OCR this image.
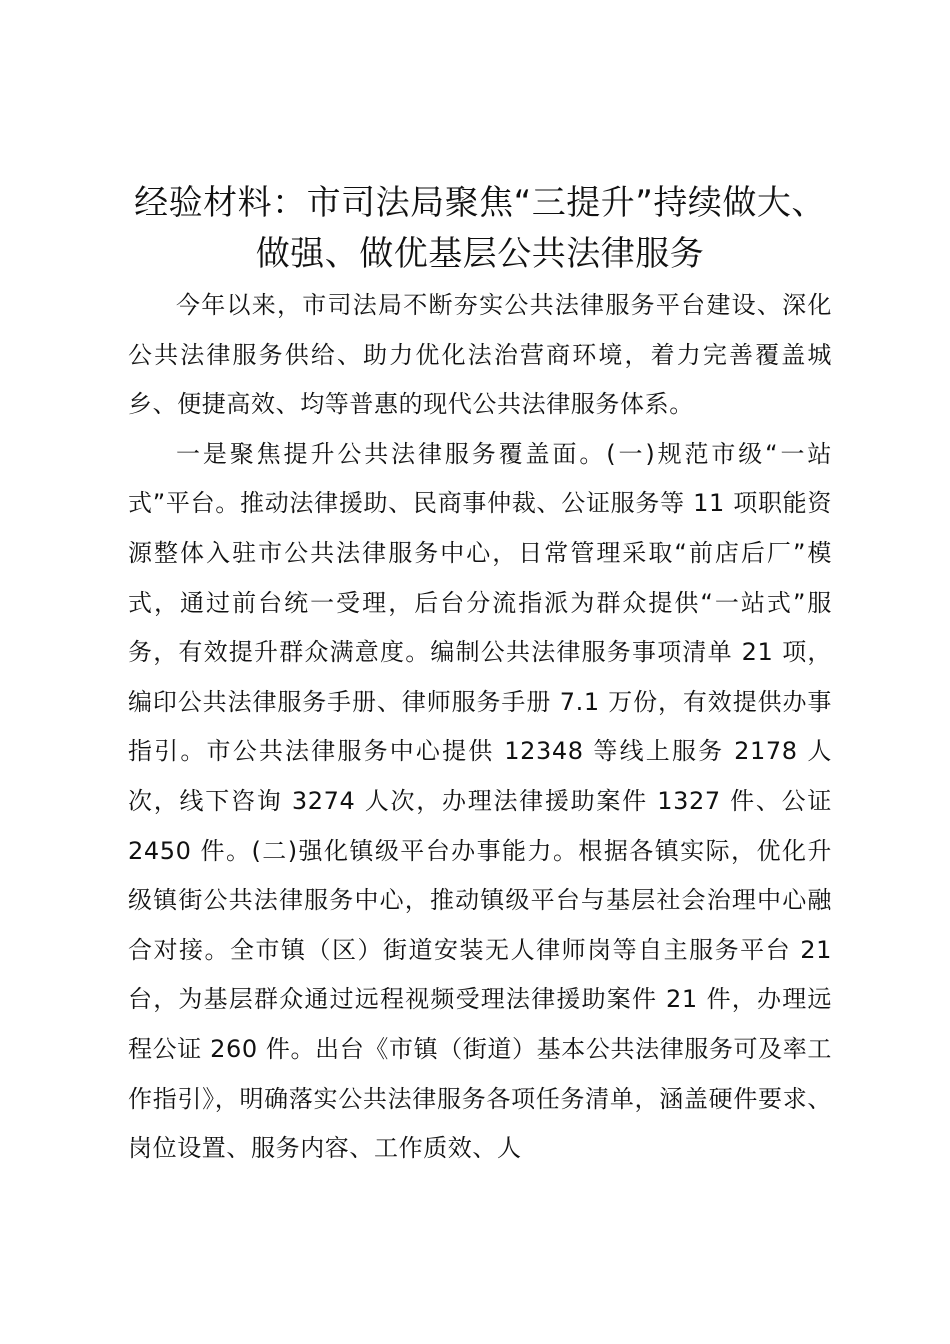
经验材料：市司法局聚焦“三提升”持续做大、
做强、做优基层公共法律服务

今年以来，市司法局不断夯实公共法律服务平台建设、深化公共法律服务供给、助力优化法治营商环境，着力完善覆盖城乡、便捷高效、均等普惠的现代公共法律服务体系。

一是聚焦提升公共法律服务覆盖面。(一)规范市级“一站式”平台。推动法律援助、民商事仲裁、公证服务等 11 项职能资源整体入驻市公共法律服务中心，日常管理采取“前店后厂”模式，通过前台统一受理，后台分流指派为群众提供“一站式”服务，有效提升群众满意度。编制公共法律服务事项清单 21 项，编印公共法律服务手册、律师服务手册 7.1 万份，有效提供办事指引。市公共法律服务中心提供 12348 等线上服务 2178 人次，线下咨询 3274 人次，办理法律援助案件 1327 件、公证 2450 件。(二)强化镇级平台办事能力。根据各镇实际，优化升级镇街公共法律服务中心，推动镇级平台与基层社会治理中心融合对接。全市镇（区）街道安装无人律师岗等自主服务平台 21 台，为基层群众通过远程视频受理法律援助案件 21 件，办理远程公证 260 件。出台《市镇（街道）基本公共法律服务可及率工作指引》，明确落实公共法律服务各项任务清单，涵盖硬件要求、岗位设置、服务内容、工作质效、人
